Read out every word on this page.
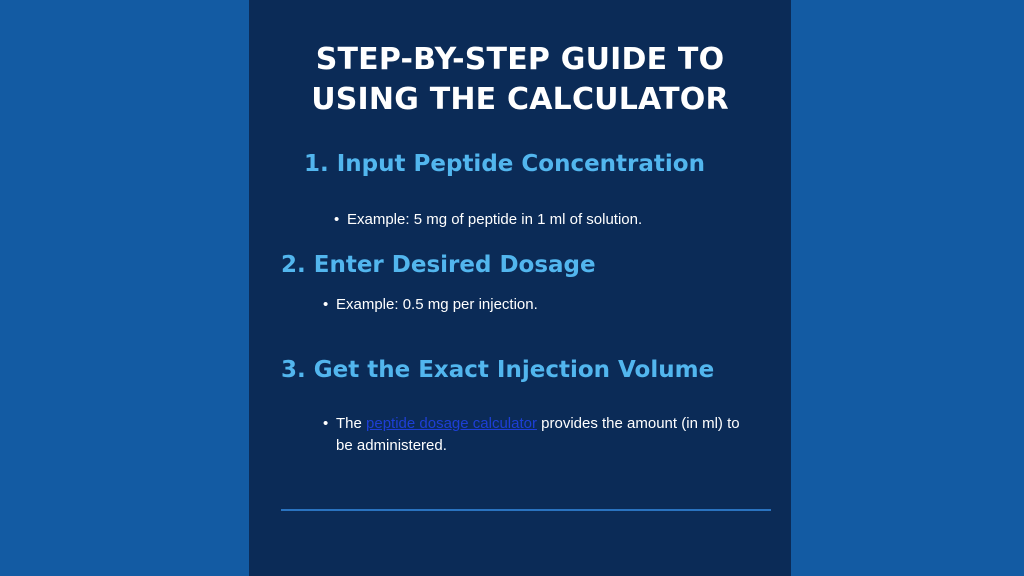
STEP-BY-STEP GUIDE TO
USING THE CALCULATOR
1. Input Peptide Concentration
• Example: 5 mg of peptide in 1 ml of solution.
2. Enter Desired Dosage
• Example: 0.5 mg per injection.
3. Get the Exact Injection Volume
• The peptide dosage calculator provides the amount (in ml) to be administered.
